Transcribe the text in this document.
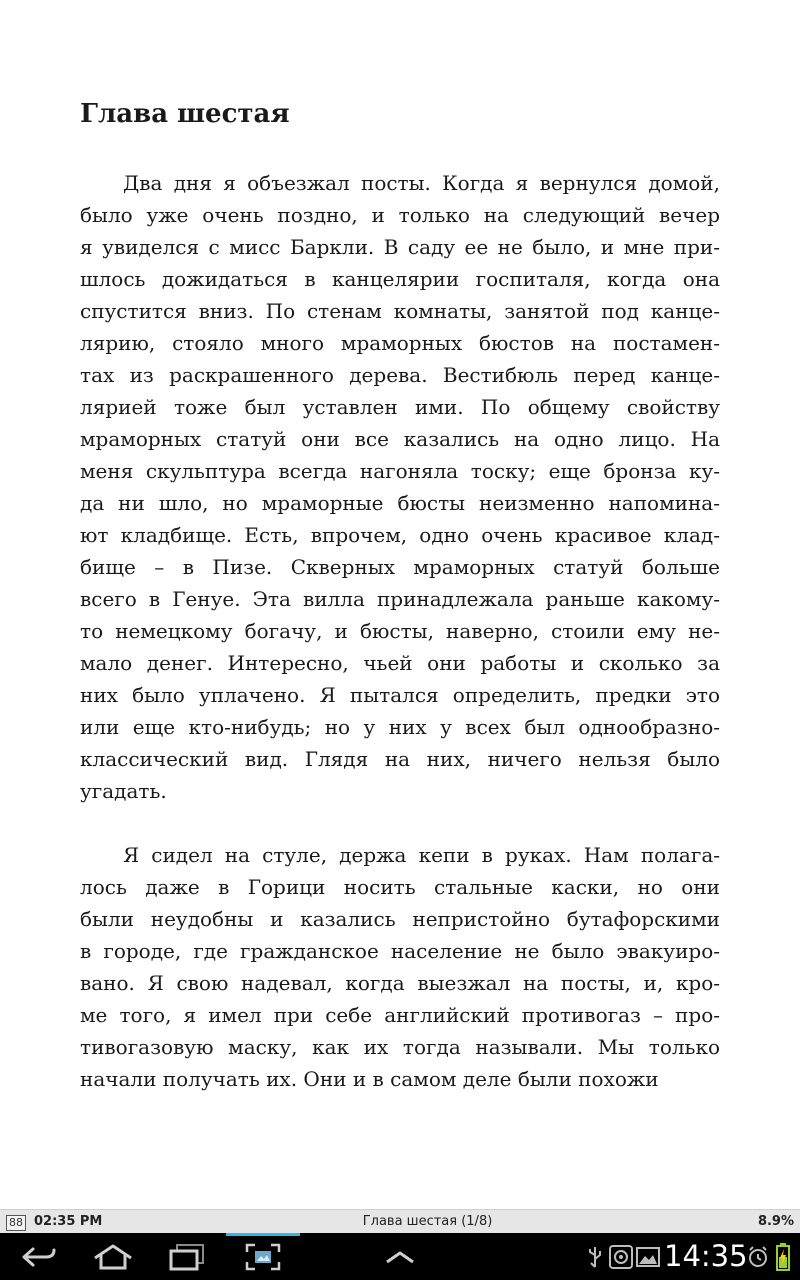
Глава шестая
Два дня я объезжал посты. Когда я вернулся домой,
было уже очень поздно, и только на следующий вечер
я увиделся с мисс Баркли. В саду ее не было, и мне при-
шлось дожидаться в канцелярии госпиталя, когда она
спустится вниз. По стенам комнаты, занятой под канце-
лярию, стояло много мраморных бюстов на постамен-
тах из раскрашенного дерева. Вестибюль перед канце-
лярией тоже был уставлен ими. По общему свойству
мраморных статуй они все казались на одно лицо. На
меня скульптура всегда нагоняла тоску; еще бронза ку-
да ни шло, но мраморные бюсты неизменно напомина-
ют кладбище. Есть, впрочем, одно очень красивое клад-
бище – в Пизе. Скверных мраморных статуй больше
всего в Генуе. Эта вилла принадлежала раньше какому-
то немецкому богачу, и бюсты, наверно, стоили ему не-
мало денег. Интересно, чьей они работы и сколько за
них было уплачено. Я пытался определить, предки это
или еще кто-нибудь; но у них у всех был однообразно-
классический вид. Глядя на них, ничего нельзя было
угадать.
Я сидел на стуле, держа кепи в руках. Нам полага-
лось даже в Горици носить стальные каски, но они
были неудобны и казались непристойно бутафорскими
в городе, где гражданское население не было эвакуиро-
вано. Я свою надевал, когда выезжал на посты, и, кро-
ме того, я имел при себе английский противогаз – про-
тивогазовую маску, как их тогда называли. Мы только
начали получать их. Они и в самом деле были похожи
88 02:35 PM	Глава шестая (1/8)	8.9%
14:35
